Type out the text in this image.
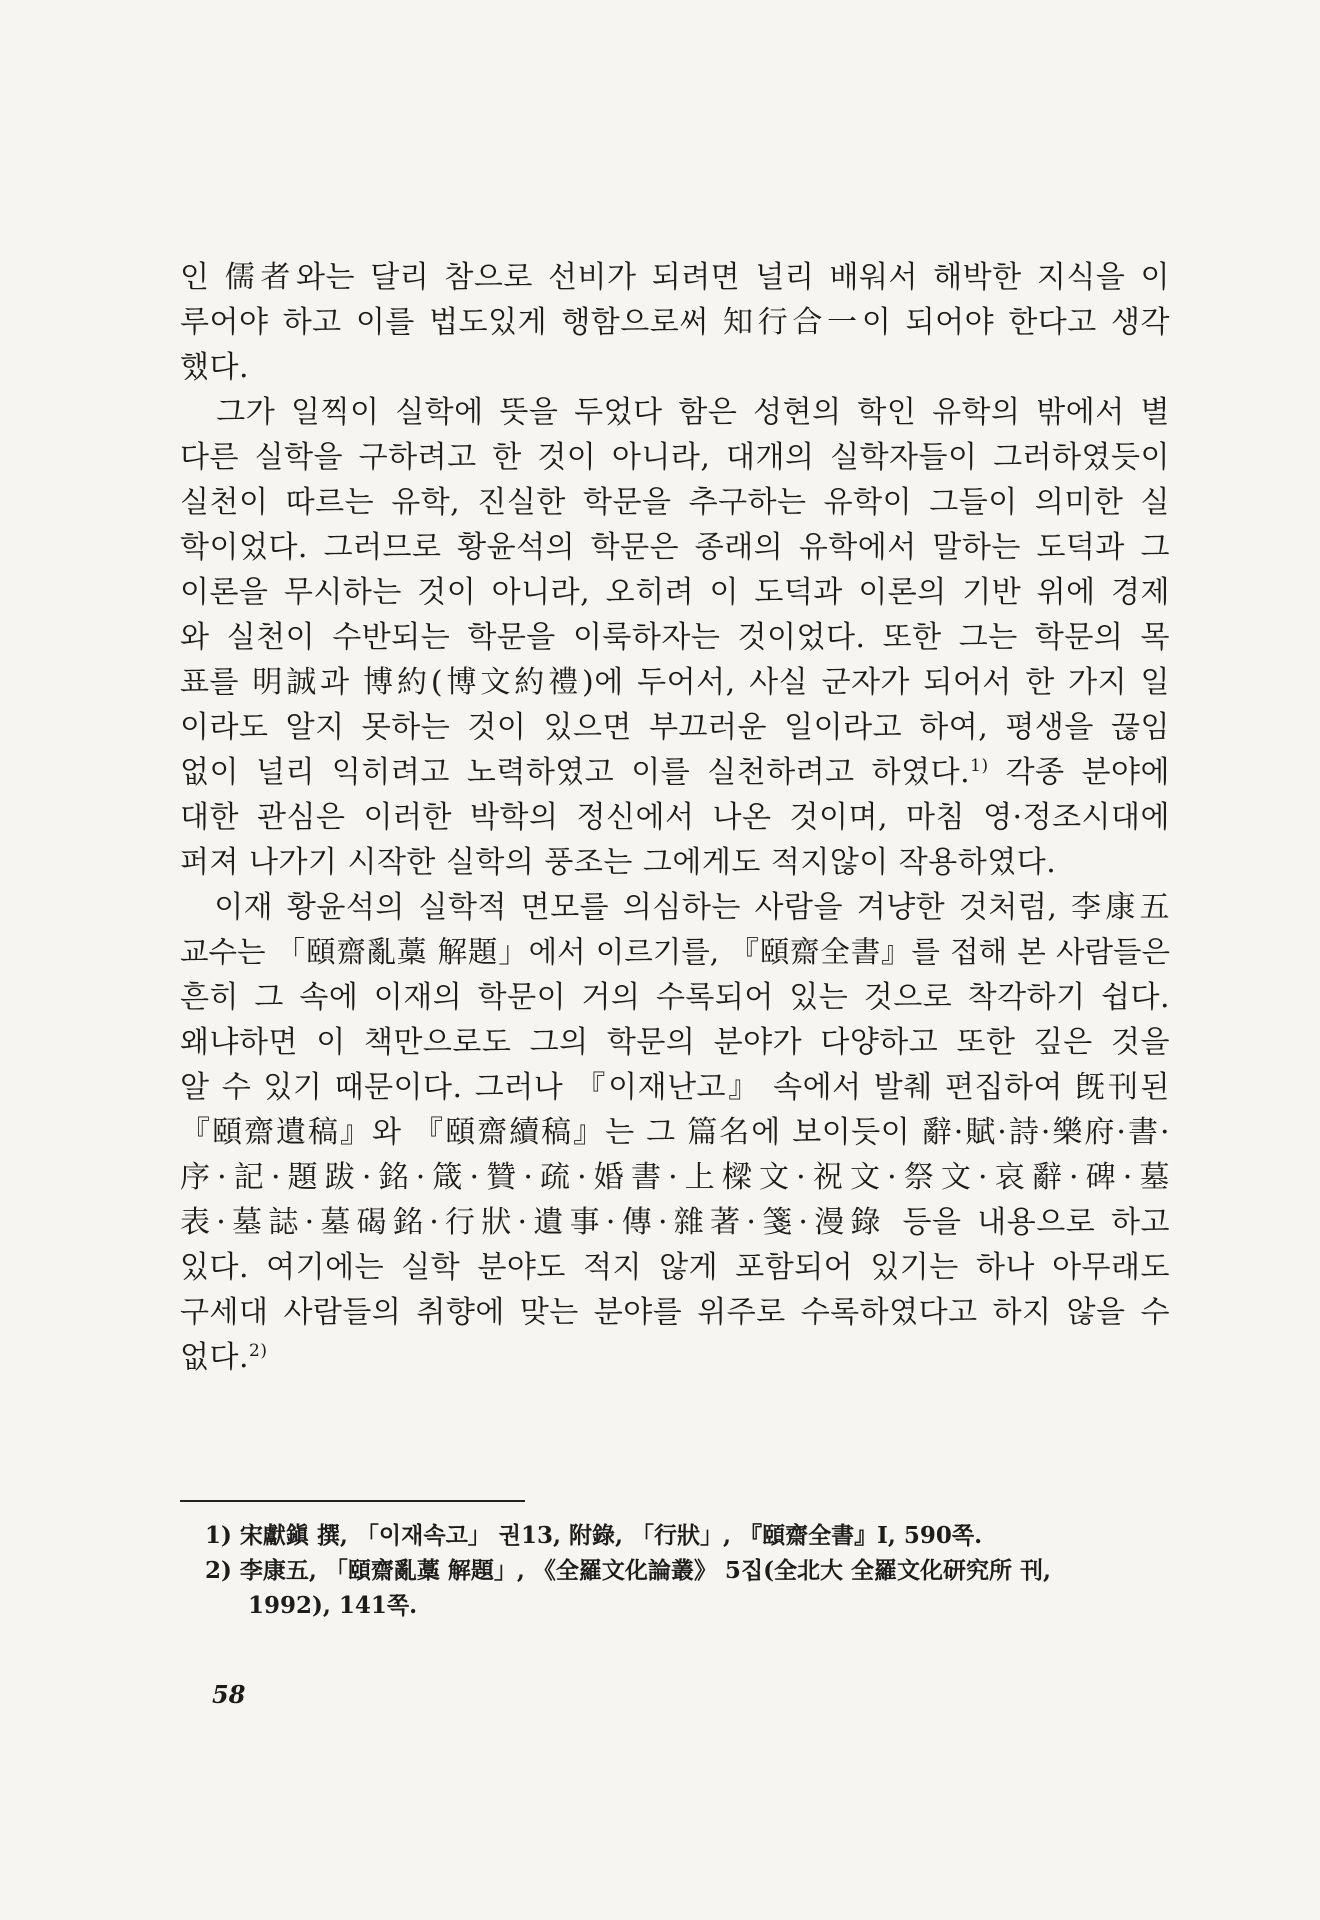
인 儒者와는 달리 참으로 선비가 되려면 널리 배워서 해박한 지식을 이
루어야 하고 이를 법도있게 행함으로써 知行合一이 되어야 한다고 생각
했다.
　그가 일찍이 실학에 뜻을 두었다 함은 성현의 학인 유학의 밖에서 별
다른 실학을 구하려고 한 것이 아니라, 대개의 실학자들이 그러하였듯이
실천이 따르는 유학, 진실한 학문을 추구하는 유학이 그들이 의미한 실
학이었다. 그러므로 황윤석의 학문은 종래의 유학에서 말하는 도덕과 그
이론을 무시하는 것이 아니라, 오히려 이 도덕과 이론의 기반 위에 경제
와 실천이 수반되는 학문을 이룩하자는 것이었다. 또한 그는 학문의 목
표를 明誠과 博約(博文約禮)에 두어서, 사실 군자가 되어서 한 가지 일
이라도 알지 못하는 것이 있으면 부끄러운 일이라고 하여, 평생을 끊임
없이 널리 익히려고 노력하였고 이를 실천하려고 하였다.$^{1)}$ 각종 분야에
대한 관심은 이러한 박학의 정신에서 나온 것이며, 마침 영·정조시대에
퍼져 나가기 시작한 실학의 풍조는 그에게도 적지않이 작용하였다.
　이재 황윤석의 실학적 면모를 의심하는 사람을 겨냥한 것처럼, 李康五
교수는 「頤齋亂藁 解題」에서 이르기를, 『頤齋全書』를 접해 본 사람들은
흔히 그 속에 이재의 학문이 거의 수록되어 있는 것으로 착각하기 쉽다.
왜냐하면 이 책만으로도 그의 학문의 분야가 다양하고 또한 깊은 것을
알 수 있기 때문이다. 그러나 『이재난고』 속에서 발췌 편집하여 旣刊된
『頤齋遺稿』와 『頤齋續稿』는 그 篇名에 보이듯이 辭·賦·詩·樂府·書·
序·記·題跋·銘·箴·贊·疏·婚書·上樑文·祝文·祭文·哀辭·碑·墓
表·墓誌·墓碣銘·行狀·遺事·傳·雜著·箋·漫錄 등을 내용으로 하고
있다. 여기에는 실학 분야도 적지 않게 포함되어 있기는 하나 아무래도
구세대 사람들의 취향에 맞는 분야를 위주로 수록하였다고 하지 않을 수
없다.$^{2)}$
1) 宋獻鎭 撰, 「이재속고」 권13, 附錄, 「行狀」, 『頤齋全書』Ⅰ, 590쪽.
2) 李康五, 「頤齋亂藁 解題」, 《全羅文化論叢》 5집(全北大 全羅文化研究所 刊,
1992), 141쪽.
58
